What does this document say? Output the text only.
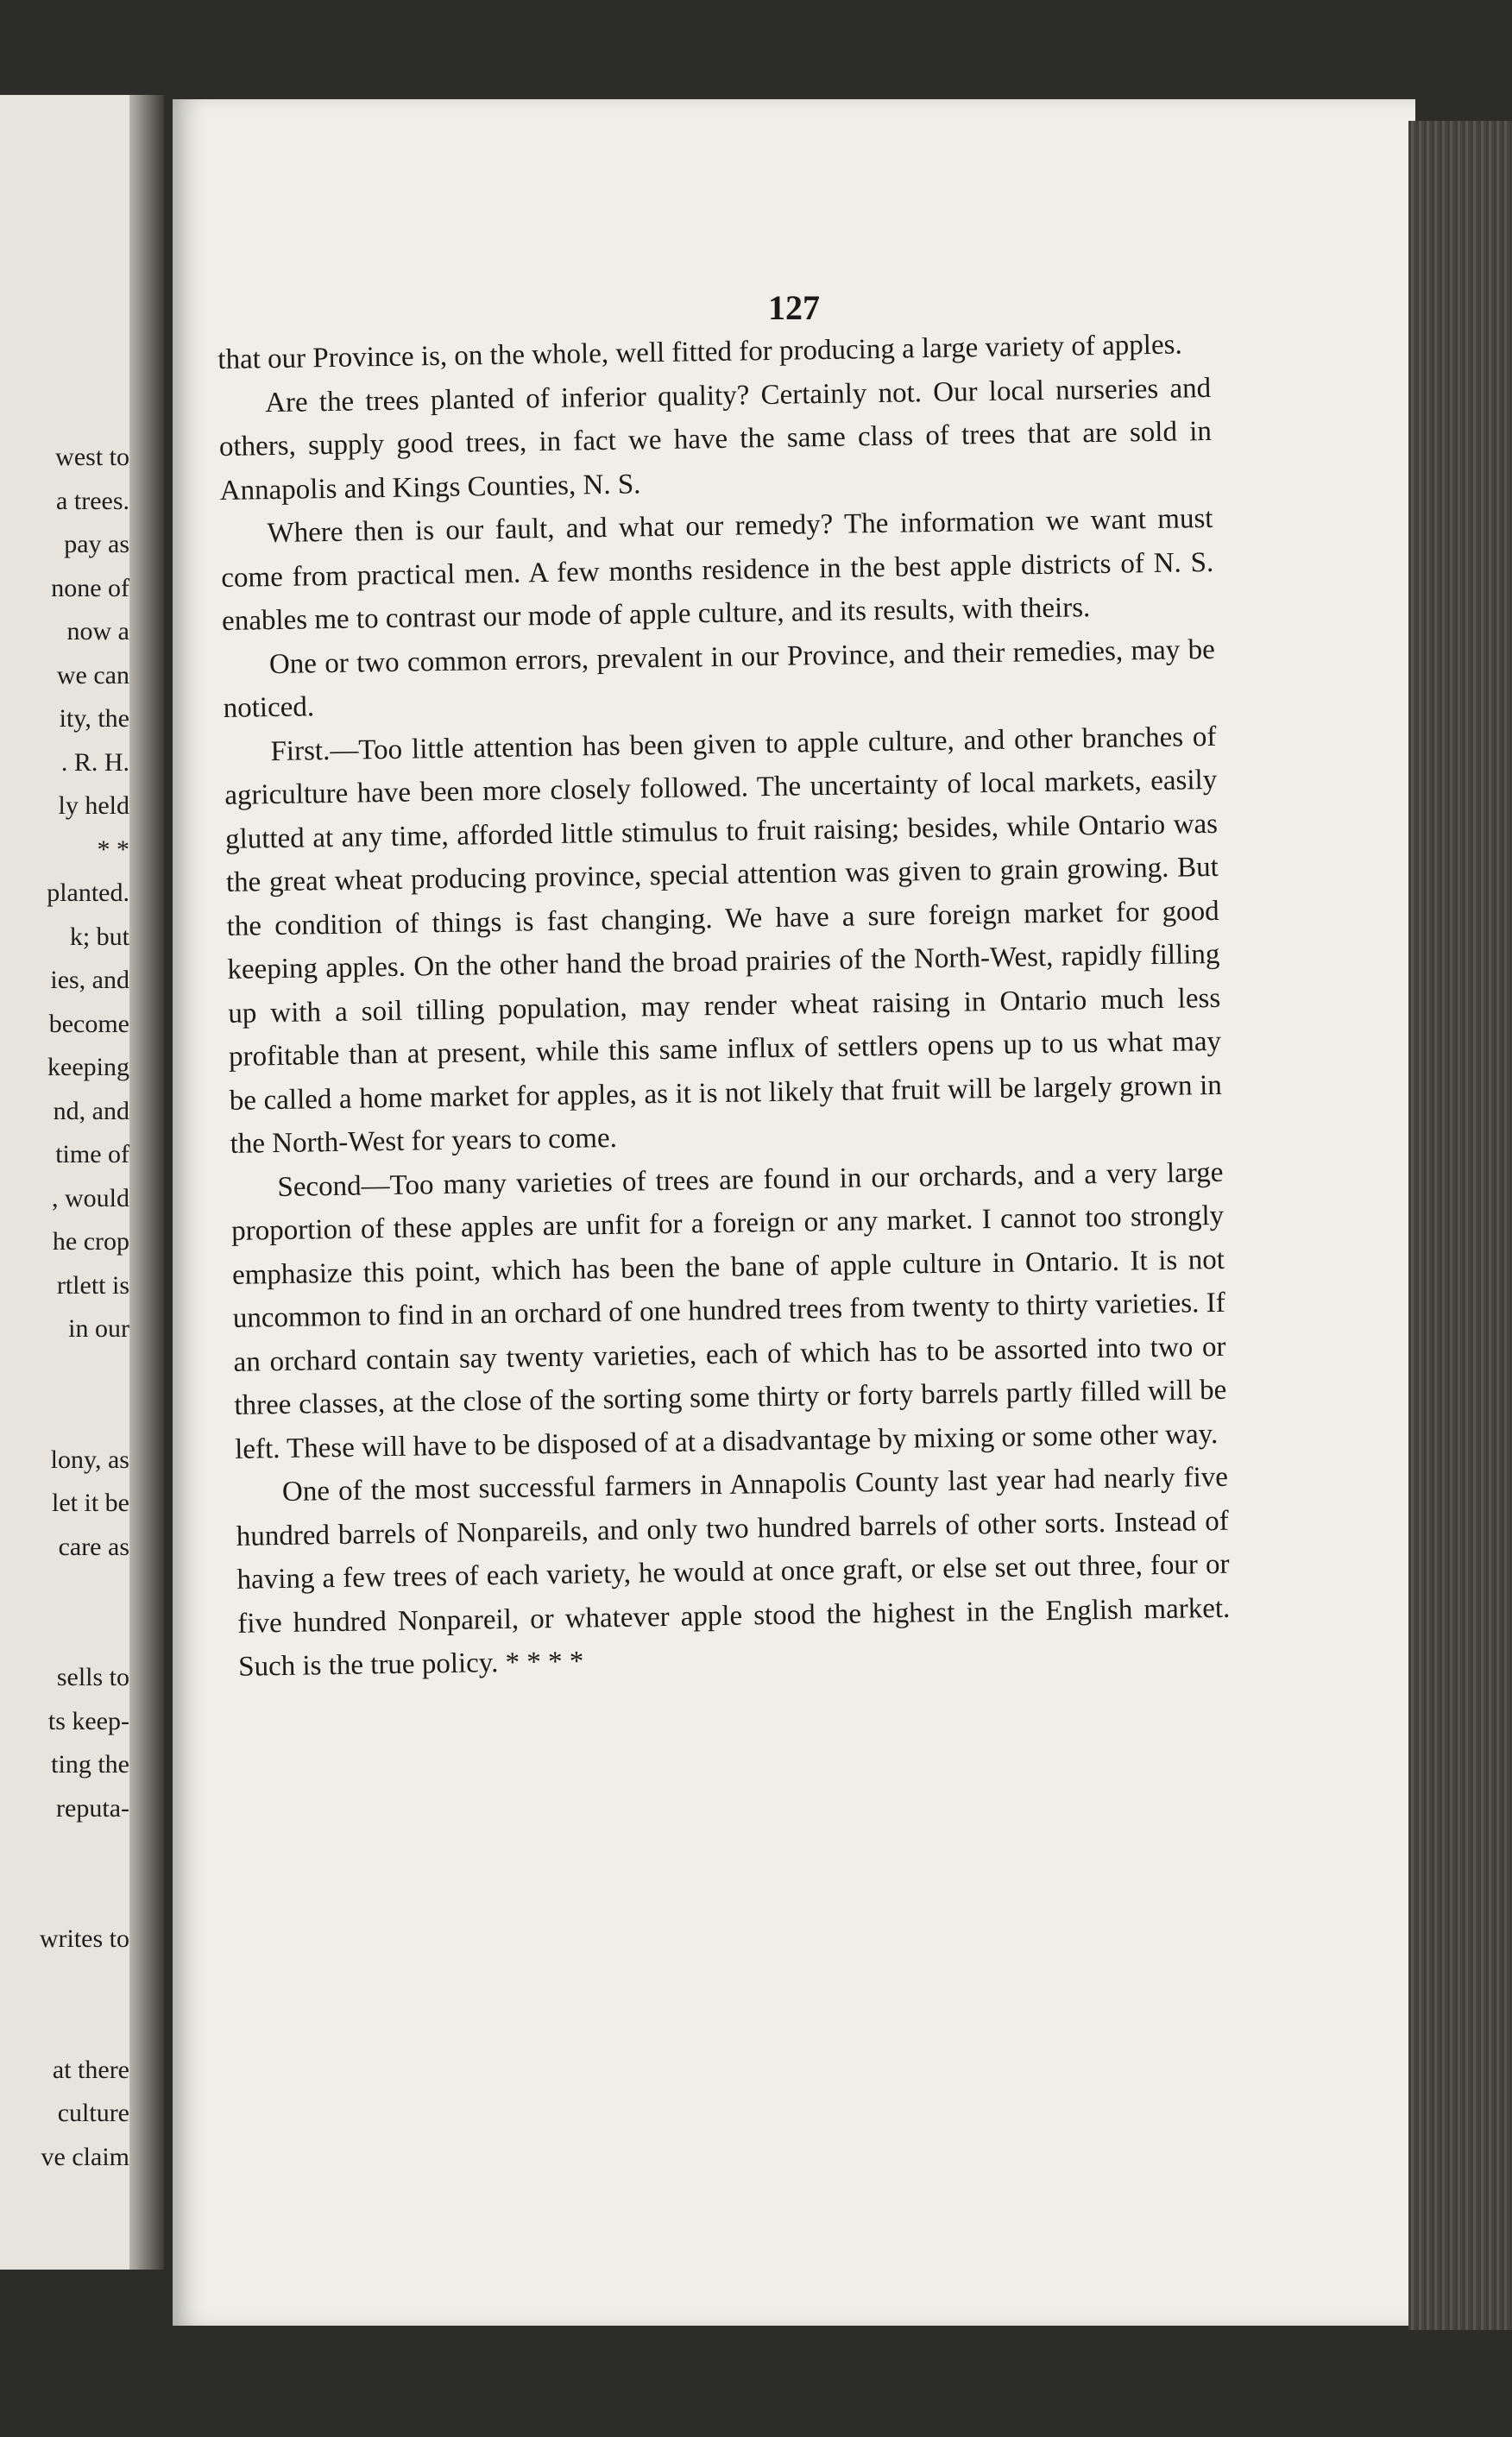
west to
a trees.
pay as
none of
now a
we can
ity, the
. R. H.
ly held
* *
planted.
k; but
ies, and
become
keeping
nd, and
time of
, would
he crop
rtlett is
in our
lony, as
let it be
care as
sells to
ts keep-
ting the
reputa-
writes to
at there
culture
ve claim
127

that our Province is, on the whole, well fitted for producing a large variety of apples.

Are the trees planted of inferior quality? Certainly not. Our local nurseries and others, supply good trees, in fact we have the same class of trees that are sold in Annapolis and Kings Counties, N. S.

Where then is our fault, and what our remedy? The information we want must come from practical men. A few months residence in the best apple districts of N. S. enables me to contrast our mode of apple culture, and its results, with theirs.

One or two common errors, prevalent in our Province, and their remedies, may be noticed.

First.—Too little attention has been given to apple culture, and other branches of agriculture have been more closely followed. The uncertainty of local markets, easily glutted at any time, afforded little stimulus to fruit raising; besides, while Ontario was the great wheat producing province, special attention was given to grain growing. But the condition of things is fast changing. We have a sure foreign market for good keeping apples. On the other hand the broad prairies of the North-West, rapidly filling up with a soil tilling population, may render wheat raising in Ontario much less profitable than at present, while this same influx of settlers opens up to us what may be called a home market for apples, as it is not likely that fruit will be largely grown in the North-West for years to come.

Second—Too many varieties of trees are found in our orchards, and a very large proportion of these apples are unfit for a foreign or any market. I cannot too strongly emphasize this point, which has been the bane of apple culture in Ontario. It is not uncommon to find in an orchard of one hundred trees from twenty to thirty varieties. If an orchard contain say twenty varieties, each of which has to be assorted into two or three classes, at the close of the sorting some thirty or forty barrels partly filled will be left. These will have to be disposed of at a disadvantage by mixing or some other way.

One of the most successful farmers in Annapolis County last year had nearly five hundred barrels of Nonpareils, and only two hundred barrels of other sorts. Instead of having a few trees of each variety, he would at once graft, or else set out three, four or five hundred Nonpareil, or whatever apple stood the highest in the English market. Such is the true policy. * * * *
